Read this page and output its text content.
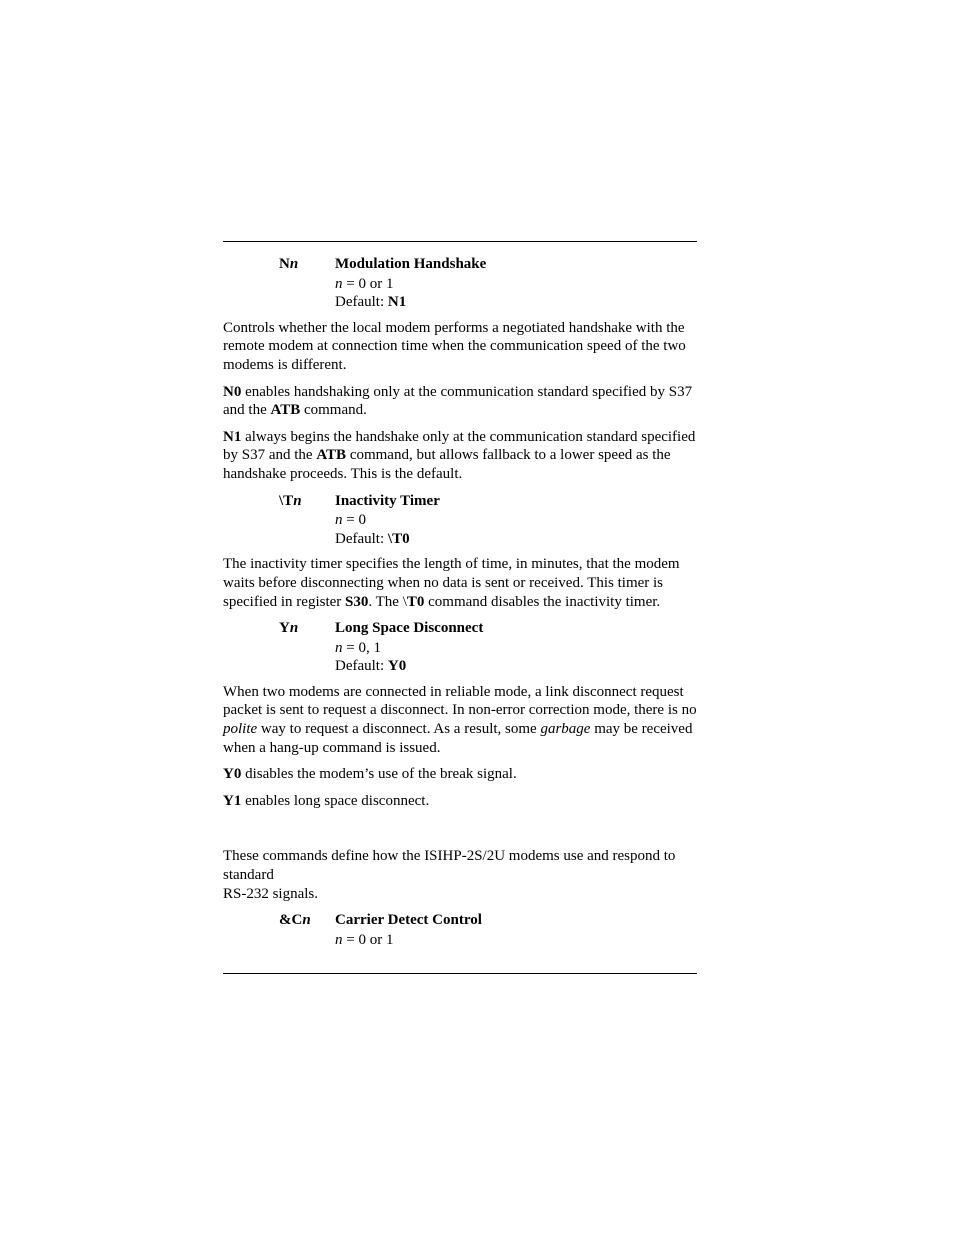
Nn Modulation Handshake
n = 0 or 1
Default: N1

Controls whether the local modem performs a negotiated handshake with the remote modem at connection time when the communication speed of the two modems is different.

N0 enables handshaking only at the communication standard specified by S37 and the ATB command.

N1 always begins the handshake only at the communication standard specified by S37 and the ATB command, but allows fallback to a lower speed as the handshake proceeds. This is the default.

\Tn Inactivity Timer
n = 0
Default: \T0

The inactivity timer specifies the length of time, in minutes, that the modem waits before disconnecting when no data is sent or received. This timer is specified in register S30. The \T0 command disables the inactivity timer.

Yn Long Space Disconnect
n = 0, 1
Default: Y0

When two modems are connected in reliable mode, a link disconnect request packet is sent to request a disconnect. In non-error correction mode, there is no polite way to request a disconnect. As a result, some garbage may be received when a hang-up command is issued.

Y0 disables the modem’s use of the break signal.

Y1 enables long space disconnect.

These commands define how the ISIHP-2S/2U modems use and respond to standard
RS-232 signals.

&Cn Carrier Detect Control
n = 0 or 1
